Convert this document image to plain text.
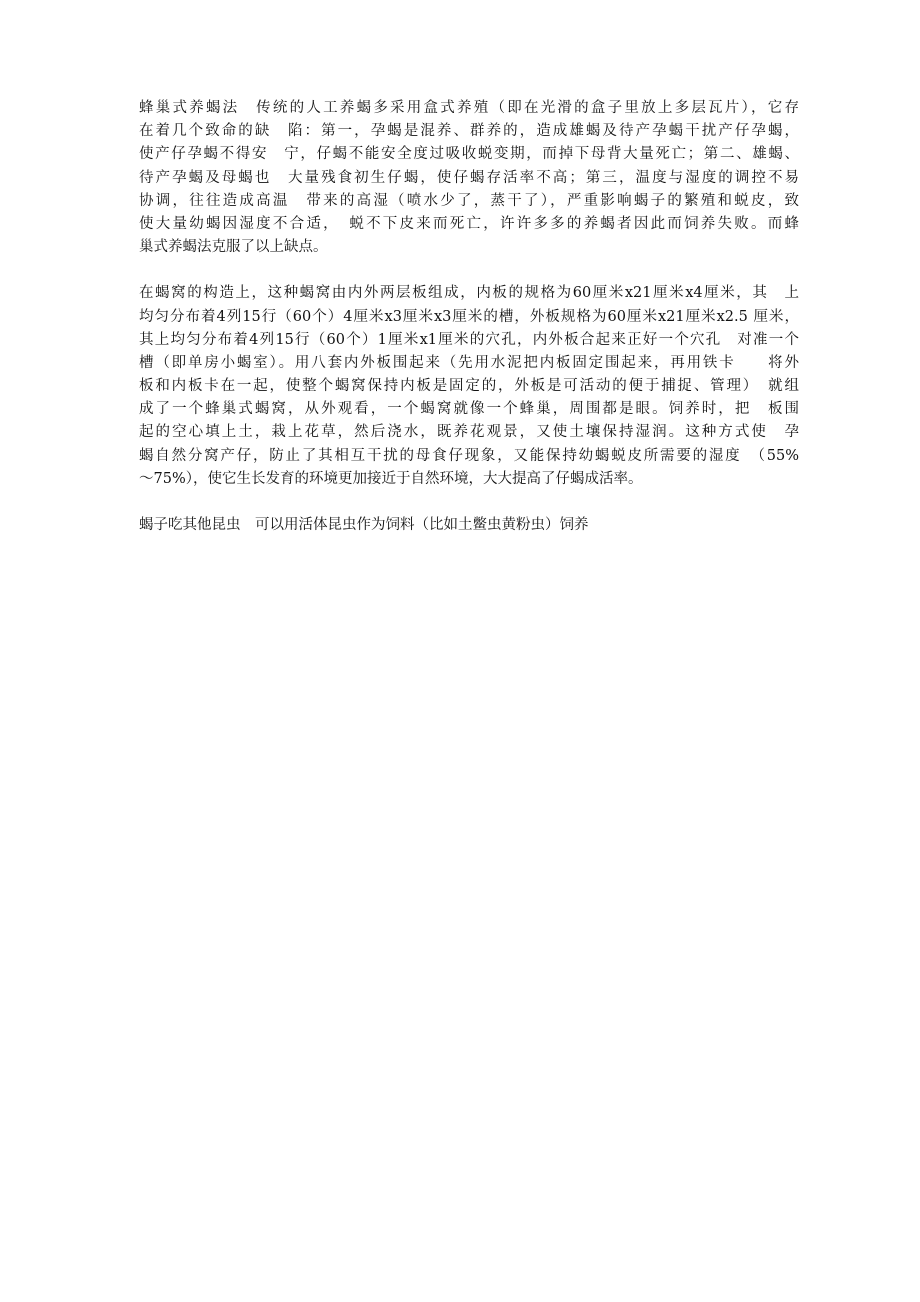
蜂巢式养蝎法　传统的人工养蝎多采用盒式养殖（即在光滑的盒子里放上多层瓦片），它存
在着几个致命的缺　陷：第一，孕蝎是混养、群养的，造成雄蝎及待产孕蝎干扰产仔孕蝎，
使产仔孕蝎不得安　宁，仔蝎不能安全度过吸收蜕变期，而掉下母背大量死亡；第二、雄蝎、
待产孕蝎及母蝎也　大量残食初生仔蝎，使仔蝎存活率不高；第三，温度与湿度的调控不易
协调，往往造成高温　带来的高湿（喷水少了，蒸干了），严重影响蝎子的繁殖和蜕皮，致
使大量幼蝎因湿度不合适，　蜕不下皮来而死亡，许许多多的养蝎者因此而饲养失败。而蜂
巢式养蝎法克服了以上缺点。
在蝎窝的构造上，这种蝎窝由内外两层板组成，内板的规格为60厘米x21厘米x4厘米，其　上
均匀分布着4列15行（60个）4厘米x3厘米x3厘米的槽，外板规格为60厘米x21厘米x2.5 厘米，
其上均匀分布着4列15行（60个）1厘米x1厘米的穴孔，内外板合起来正好一个穴孔　对准一个
槽（即单房小蝎室）。用八套内外板围起来（先用水泥把内板固定围起来，再用铁卡　　将外
板和内板卡在一起，使整个蝎窝保持内板是固定的，外板是可活动的便于捕捉、管理）　就组
成了一个蜂巢式蝎窝，从外观看，一个蝎窝就像一个蜂巢，周围都是眼。饲养时，把　板围
起的空心填上土，栽上花草，然后浇水，既养花观景，又使土壤保持湿润。这种方式使　孕
蝎自然分窝产仔，防止了其相互干扰的母食仔现象，又能保持幼蝎蜕皮所需要的湿度　（55%
～75%），使它生长发育的环境更加接近于自然环境，大大提高了仔蝎成活率。
蝎子吃其他昆虫　可以用活体昆虫作为饲料（比如土鳖虫黄粉虫）饲养
